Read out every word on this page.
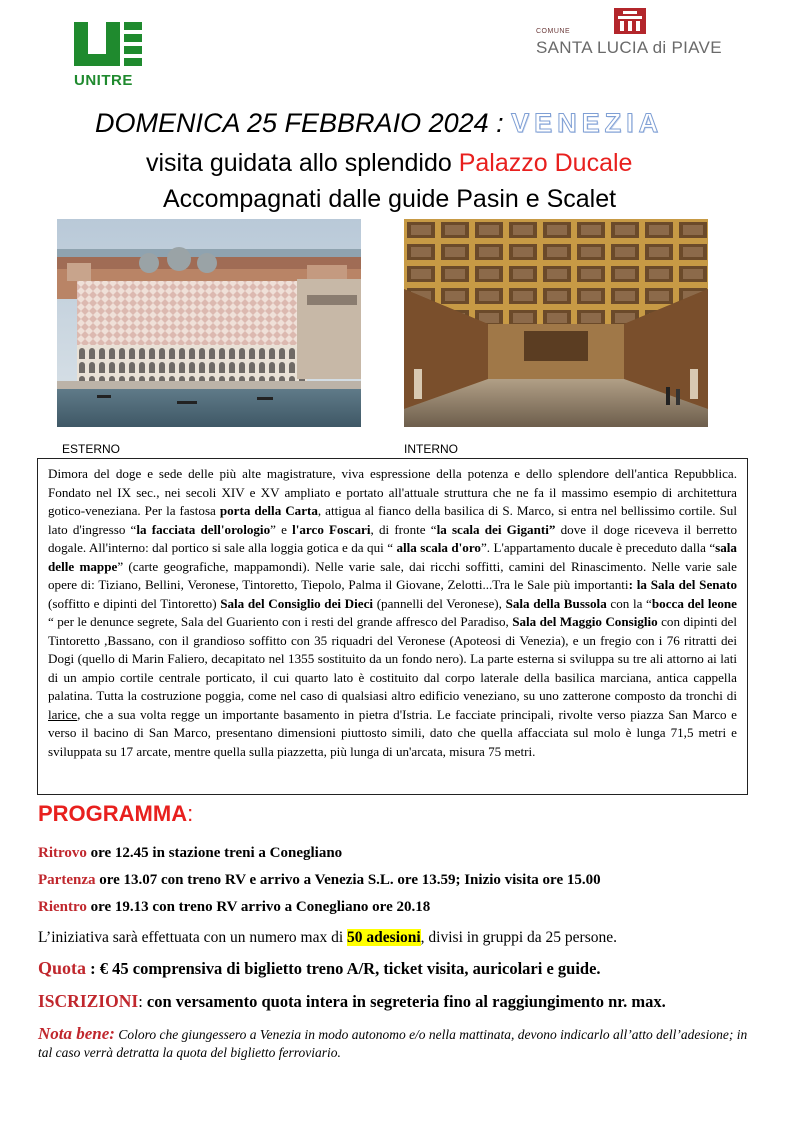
UNITRE
COMUNE
SANTA LUCIA di PIAVE
DOMENICA 25 FEBBRAIO 2024 : VENEZIA
visita guidata allo splendido Palazzo Ducale
Accompagnati dalle guide Pasin e Scalet
ESTERNO	INTERNO

Dimora del doge e sede delle più alte magistrature, viva espressione della potenza e dello splendore dell'antica Repubblica. Fondato nel IX sec., nei secoli XIV e XV ampliato e portato all'attuale struttura che ne fa il massimo esempio di architettura gotico-veneziana. Per la fastosa porta della Carta, attigua al fianco della basilica di S. Marco, si entra nel bellissimo cortile. Sul lato d'ingresso “la facciata dell'orologio” e l'arco Foscari, di fronte “la scala dei Giganti” dove il doge riceveva il berretto dogale. All'interno: dal portico si sale alla loggia gotica e da qui “ alla scala d'oro”. L'appartamento ducale è preceduto dalla “sala delle mappe” (carte geografiche, mappamondi). Nelle varie sale, dai ricchi soffitti, camini del Rinascimento. Nelle varie sale opere di: Tiziano, Bellini, Veronese, Tintoretto, Tiepolo, Palma il Giovane, Zelotti...Tra le Sale più importanti: la Sala del Senato (soffitto e dipinti del Tintoretto) Sala del Consiglio dei Dieci (pannelli del Veronese), Sala della Bussola con la “bocca del leone “ per le denunce segrete, Sala del Guariento con i resti del grande affresco del Paradiso, Sala del Maggio Consiglio con dipinti del Tintoretto ,Bassano, con il grandioso soffitto con 35 riquadri del Veronese (Apoteosi di Venezia), e un fregio con i 76 ritratti dei Dogi (quello di Marin Faliero, decapitato nel 1355 sostituito da un fondo nero). La parte esterna si sviluppa su tre ali attorno ai lati di un ampio cortile centrale porticato, il cui quarto lato è costituito dal corpo laterale della basilica marciana, antica cappella palatina. Tutta la costruzione poggia, come nel caso di qualsiasi altro edificio veneziano, su uno zatterone composto da tronchi di larice, che a sua volta regge un importante basamento in pietra d'Istria. Le facciate principali, rivolte verso piazza San Marco e verso il bacino di San Marco, presentano dimensioni piuttosto simili, dato che quella affacciata sul molo è lunga 71,5 metri e sviluppata su 17 arcate, mentre quella sulla piazzetta, più lunga di un'arcata, misura 75 metri.

PROGRAMMA:
Ritrovo ore 12.45 in stazione treni a Conegliano
Partenza ore 13.07 con treno RV e arrivo a Venezia S.L. ore 13.59; Inizio visita ore 15.00
Rientro ore 19.13 con treno RV arrivo a Conegliano ore 20.18
L’iniziativa sarà effettuata con un numero max di 50 adesioni, divisi in gruppi da 25 persone.
Quota : € 45 comprensiva di biglietto treno A/R, ticket visita, auricolari e guide.
ISCRIZIONI: con versamento quota intera in segreteria fino al raggiungimento nr. max.
Nota bene: Coloro che giungessero a Venezia in modo autonomo e/o nella mattinata, devono indicarlo all’atto dell’adesione; in tal caso verrà detratta la quota del biglietto ferroviario.
